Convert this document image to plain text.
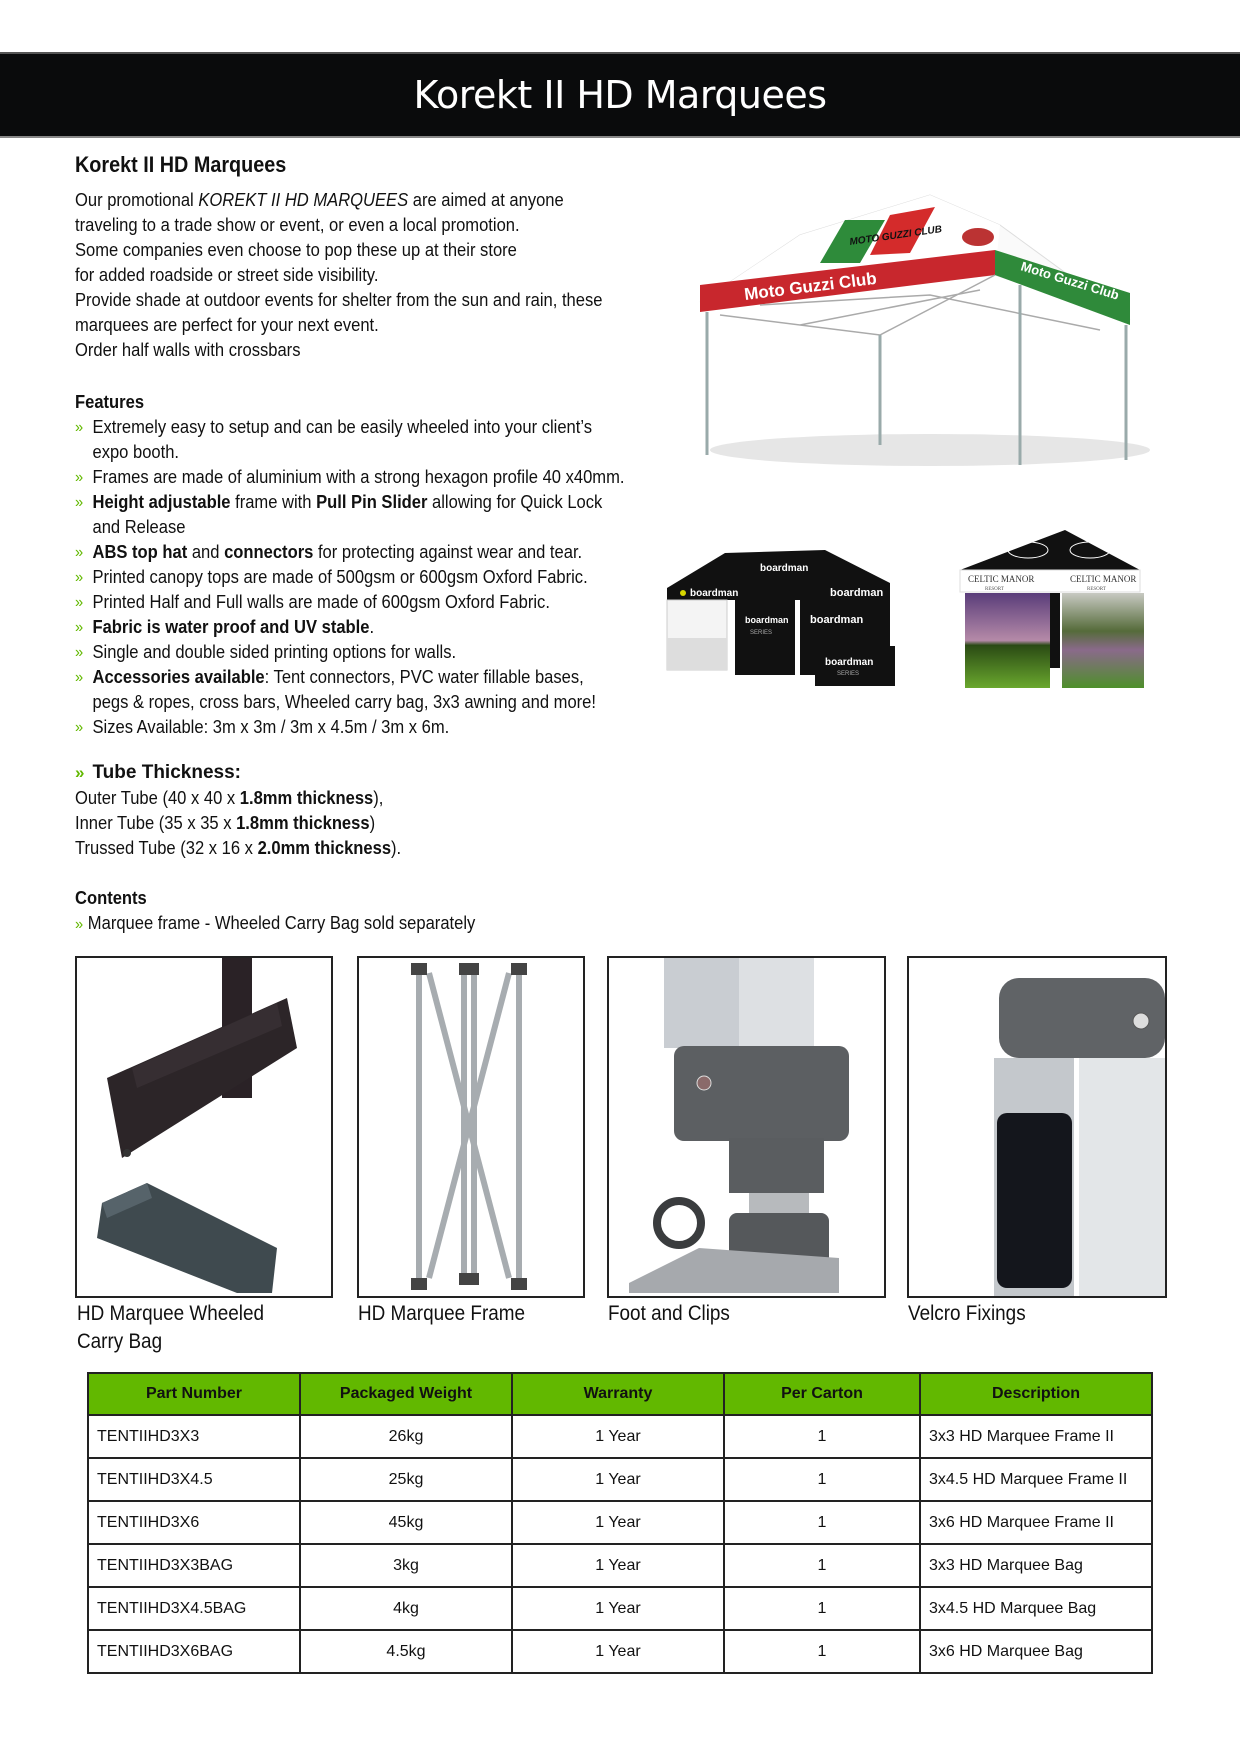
Korekt II HD Marquees
Korekt II HD Marquees
Our promotional KOREKT II HD MARQUEES are aimed at anyone
traveling to a trade show or event, or even a local promotion.
Some companies even choose to pop these up at their store
for added roadside or street side visibility.
Provide shade at outdoor events for shelter from the sun and rain, these
marquees are perfect for your next event.
Order half walls with crossbars
Features
» Extremely easy to setup and can be easily wheeled into your client’s
expo booth.
» Frames are made of aluminium with a strong hexagon profile 40 x40mm.
» Height adjustable frame with Pull Pin Slider allowing for Quick Lock
and Release
» ABS top hat and connectors for protecting against wear and tear.
» Printed canopy tops are made of 500gsm or 600gsm Oxford Fabric.
» Printed Half and Full walls are made of 600gsm Oxford Fabric.
» Fabric is water proof and UV stable.
» Single and double sided printing options for walls.
» Accessories available: Tent connectors, PVC water fillable bases,
pegs & ropes, cross bars, Wheeled carry bag, 3x3 awning and more!
» Sizes Available: 3m x 3m / 3m x 4.5m / 3m x 6m.
» Tube Thickness:
Outer Tube (40 x 40 x 1.8mm thickness),
Inner Tube (35 x 35 x 1.8mm thickness)
Trussed Tube (32 x 16 x 2.0mm thickness).
Contents
» Marquee frame - Wheeled Carry Bag sold separately
MOTO GUZZI CLUB
Moto Guzzi Club	Moto Guzzi Club
boardman
boardman	boardman
boardman
SERIES
boardman
boardman
SERIES
CELTIC MANOR
RESORT
CELTIC MANOR
RESORT
HD Marquee Wheeled Carry Bag
HD Marquee Frame	Foot and Clips	Velcro Fixings
Part Number	Packaged Weight	Warranty	Per Carton	Description
TENTIIHD3X3	26kg	1 Year	1	3x3 HD Marquee Frame II
TENTIIHD3X4.5	25kg	1 Year	1	3x4.5 HD Marquee Frame II
TENTIIHD3X6	45kg	1 Year	1	3x6 HD Marquee Frame II
TENTIIHD3X3BAG	3kg	1 Year	1	3x3 HD Marquee Bag
TENTIIHD3X4.5BAG	4kg	1 Year	1	3x4.5 HD Marquee Bag
TENTIIHD3X6BAG	4.5kg	1 Year	1	3x6 HD Marquee Bag
